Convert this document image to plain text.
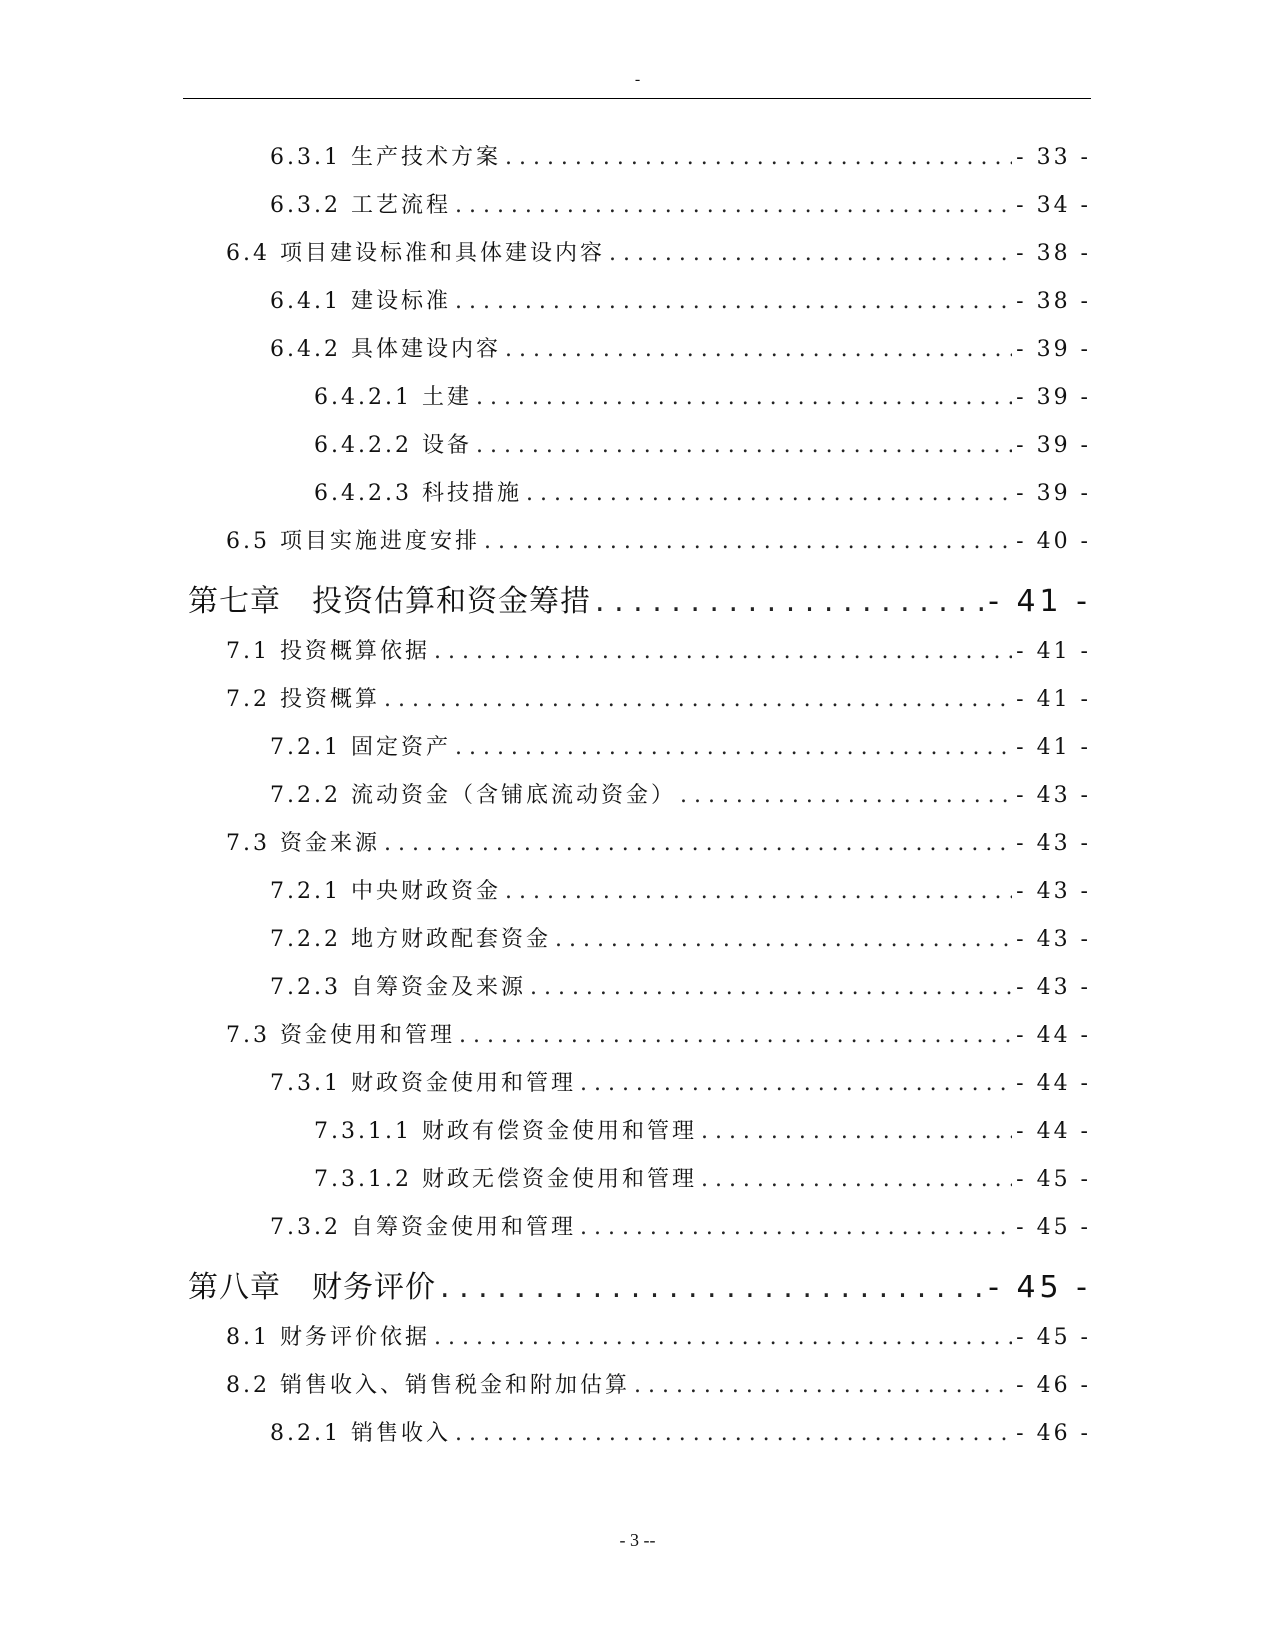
-
6.3.1 生产技术方案 . . .	- 33 -
6.3.2 工艺流程 . . .	- 34 -
6.4 项目建设标准和具体建设内容 . . .	- 38 -
6.4.1 建设标准 . . .	- 38 -
6.4.2 具体建设内容 . . .	- 39 -
6.4.2.1 土建 . . .	- 39 -
6.4.2.2 设备 . . .	- 39 -
6.4.2.3 科技措施 . . .	- 39 -
6.5 项目实施进度安排 . . .	- 40 -
第七章　投资估算和资金筹措 . . .	- 41 -
7.1 投资概算依据 . . .	- 41 -
7.2 投资概算 . . .	- 41 -
7.2.1 固定资产 . . .	- 41 -
7.2.2 流动资金（含铺底流动资金） . . .	- 43 -
7.3 资金来源 . . .	- 43 -
7.2.1 中央财政资金 . . .	- 43 -
7.2.2 地方财政配套资金 . . .	- 43 -
7.2.3 自筹资金及来源 . . .	- 43 -
7.3 资金使用和管理 . . .	- 44 -
7.3.1 财政资金使用和管理 . . .	- 44 -
7.3.1.1 财政有偿资金使用和管理 . . .	- 44 -
7.3.1.2 财政无偿资金使用和管理 . . .	- 45 -
7.3.2 自筹资金使用和管理 . . .	- 45 -
第八章　财务评价 . . .	- 45 -
8.1 财务评价依据 . . .	- 45 -
8.2 销售收入、销售税金和附加估算 . . .	- 46 -
8.2.1 销售收入 . . .	- 46 -
- 3 --
